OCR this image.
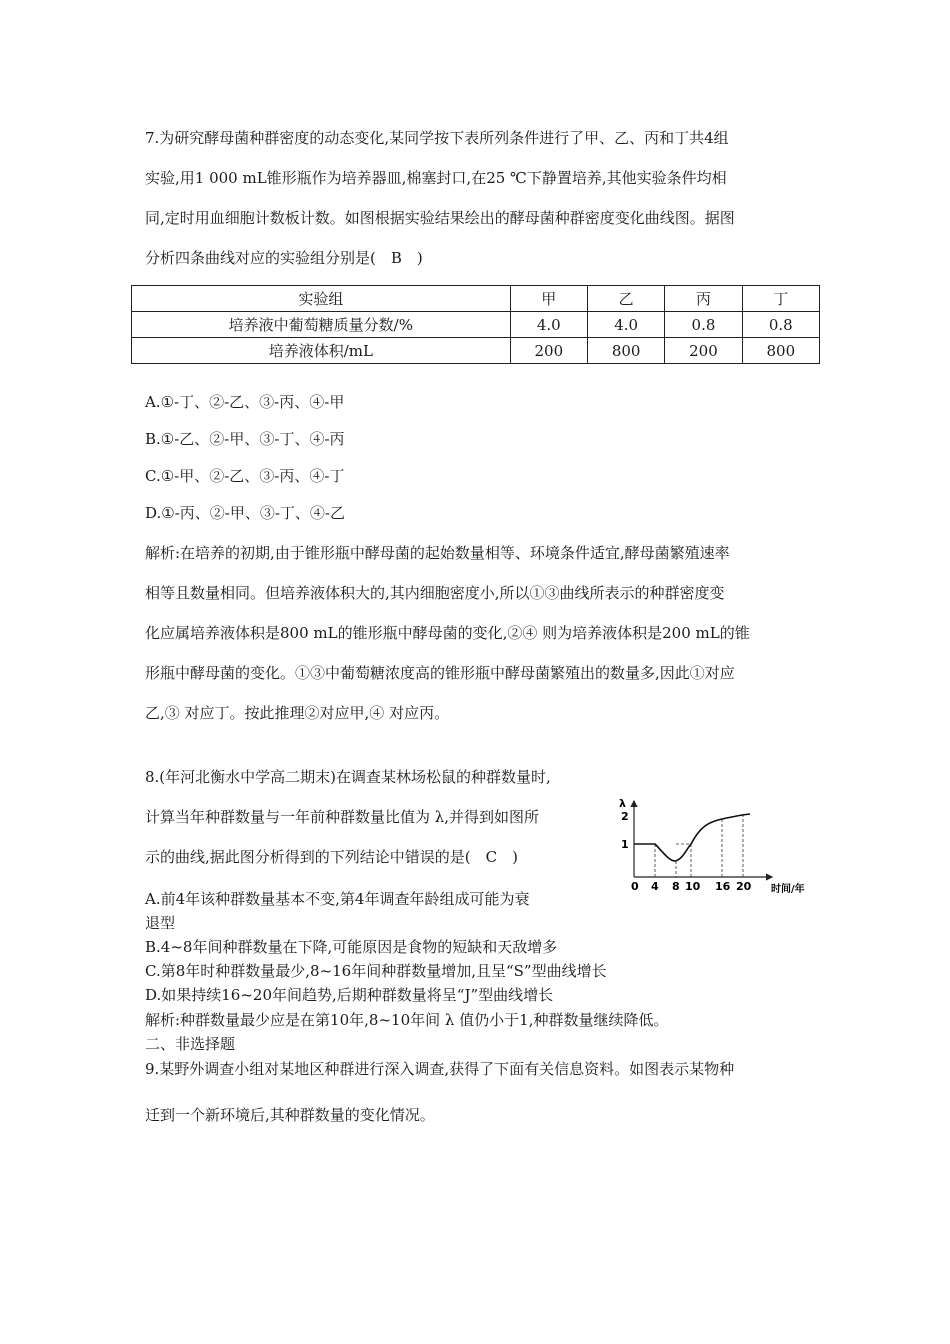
7.为研究酵母菌种群密度的动态变化,某同学按下表所列条件进行了甲、乙、丙和丁共4组
实验,用1 000 mL锥形瓶作为培养器皿,棉塞封口,在25 ℃下静置培养,其他实验条件均相
同,定时用血细胞计数板计数。如图根据实验结果绘出的酵母菌种群密度变化曲线图。据图
分析四条曲线对应的实验组分别是(　B　)
实验组	甲	乙	丙	丁
培养液中葡萄糖质量分数/%	4.0	4.0	0.8	0.8
培养液体积/mL	200	800	200	800
A.①-丁、②-乙、③-丙、④-甲
B.①-乙、②-甲、③-丁、④-丙
C.①-甲、②-乙、③-丙、④-丁
D.①-丙、②-甲、③-丁、④-乙
解析:在培养的初期,由于锥形瓶中酵母菌的起始数量相等、环境条件适宜,酵母菌繁殖速率
相等且数量相同。但培养液体积大的,其内细胞密度小,所以①③曲线所表示的种群密度变
化应属培养液体积是800 mL的锥形瓶中酵母菌的变化,②④ 则为培养液体积是200 mL的锥
形瓶中酵母菌的变化。①③中葡萄糖浓度高的锥形瓶中酵母菌繁殖出的数量多,因此①对应
乙,③ 对应丁。按此推理②对应甲,④ 对应丙。
8.(年河北衡水中学高二期末)在调查某林场松鼠的种群数量时,
计算当年种群数量与一年前种群数量比值为 λ,并得到如图所
示的曲线,据此图分析得到的下列结论中错误的是(　C　)
A.前4年该种群数量基本不变,第4年调查年龄组成可能为衰
退型
B.4~8年间种群数量在下降,可能原因是食物的短缺和天敌增多
C.第8年时种群数量最少,8~16年间种群数量增加,且呈“S”型曲线增长
D.如果持续16~20年间趋势,后期种群数量将呈“J”型曲线增长
解析:种群数量最少应是在第10年,8~10年间 λ 值仍小于1,种群数量继续降低。
二、非选择题
9.某野外调查小组对某地区种群进行深入调查,获得了下面有关信息资料。如图表示某物种
迁到一个新环境后,其种群数量的变化情况。
λ
2
1
0 4 8 10 16 20 时间/年
